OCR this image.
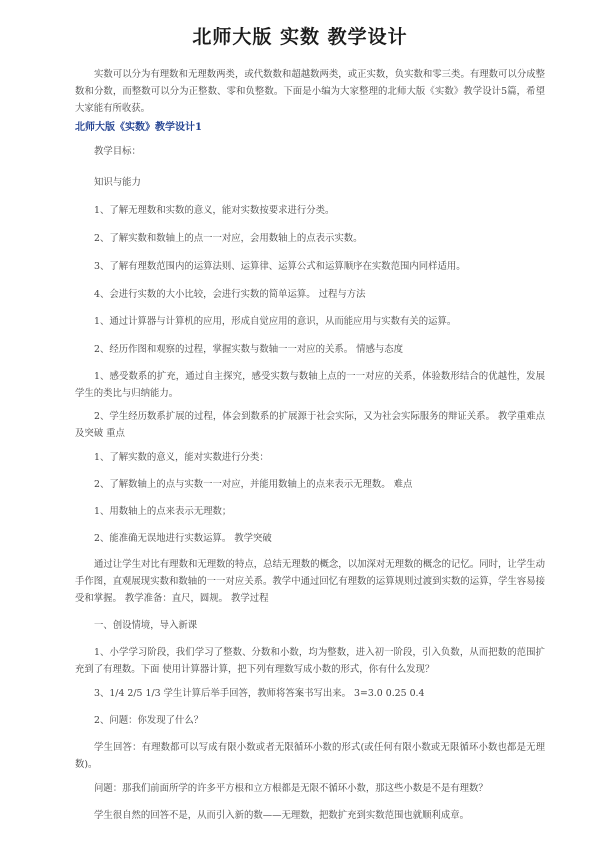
北师大版 实数 教学设计

实数可以分为有理数和无理数两类，或代数数和超越数两类，或正实数，负实数和零三类。有理数可以分成整数和分数，而整数可以分为正整数、零和负整数。下面是小编为大家整理的北师大版《实数》教学设计5篇，希望大家能有所收获。

北师大版《实数》教学设计1

教学目标：

知识与能力

1、了解无理数和实数的意义，能对实数按要求进行分类。

2、了解实数和数轴上的点一一对应，会用数轴上的点表示实数。

3、了解有理数范围内的运算法则、运算律、运算公式和运算顺序在实数范围内同样适用。

4、会进行实数的大小比较，会进行实数的简单运算。 过程与方法

1、通过计算器与计算机的应用，形成自觉应用的意识，从而能应用与实数有关的运算。

2、经历作图和观察的过程，掌握实数与数轴一一对应的关系。 情感与态度

1、感受数系的扩充，通过自主探究，感受实数与数轴上点的一一对应的关系，体验数形结合的优越性，发展学生的类比与归纳能力。

2、学生经历数系扩展的过程，体会到数系的扩展源于社会实际，又为社会实际服务的辩证关系。 教学重难点及突破 重点

1、了解实数的意义，能对实数进行分类：

2、了解数轴上的点与实数一一对应，并能用数轴上的点来表示无理数。 难点

1、用数轴上的点来表示无理数；

2、能准确无误地进行实数运算。 教学突破

通过让学生对比有理数和无理数的特点，总结无理数的概念，以加深对无理数的概念的记忆。同时，让学生动手作图，直观展现实数和数轴的一一对应关系。教学中通过回忆有理数的运算规则过渡到实数的运算，学生容易接受和掌握。 教学准备：直尺，圆规。 教学过程

一、创设情境，导入新课

1、小学学习阶段，我们学习了整数、分数和小数，均为整数，进入初一阶段，引入负数，从而把数的范围扩充到了有理数。下面 使用计算器计算，把下列有理数写成小数的形式，你有什么发现？

3、1/4 2/5 1/3 学生计算后举手回答，教师将答案书写出来。 3=3.0 0.25 0.4

2、问题：你发现了什么？

学生回答：有理数都可以写成有限小数或者无限循环小数的形式(或任何有限小数或无限循环小数也都是无理数)。

问题：那我们前面所学的许多平方根和立方根都是无限不循环小数，那这些小数是不是有理数？

学生很自然的回答不是，从而引入新的数——无理数，把数扩充到实数范围也就顺利成章。
